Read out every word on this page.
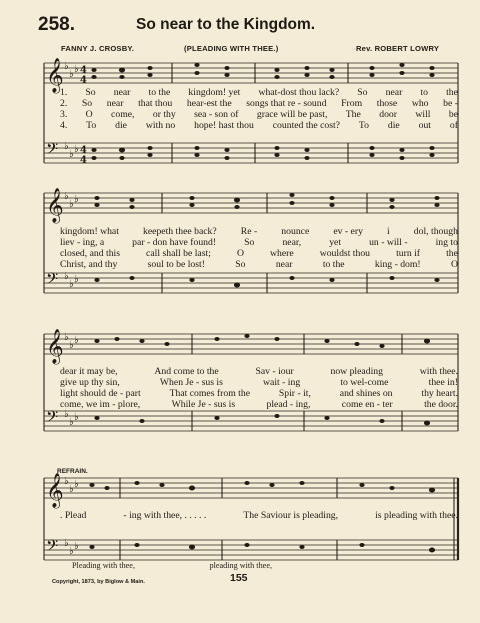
258.	So near to the Kingdom.
FANNY J. CROSBY.	(PLEADING WITH THEE.)	Rev. ROBERT LOWRY
𝄞
𝄢
♭
♭ ♭
♭
♭ ♭
4
4
4
4
1. So near to the kingdom! yet what-dost thou lack? So near to the
2. So near that thou hear-est the songs that re - sound From those who be -
3. O come, or thy sea - son of grace will be past, The door will be
4. To die with no hope! hast thou counted the cost? To die out of
𝄞
𝄢
♭
♭ ♭
♭
♭ ♭
kingdom! what keepeth thee back? Re - nounce ev - ery i dol, though
liev - ing, a	par - don have found!	So	near,	yet	un - will -	ing to
closed, and this	call shall be last;	O	where	wouldst thou	turn if	the
Christ, and thy	soul to be lost!	So	near	to the	king - dom!	O
𝄞
𝄢
♭
♭ ♭
♭
♭ ♭
dear it may be,	And come to the	Sav - iour	now pleading	with thee.
give up thy sin,	When Je - sus is	wait - ing	to wel-come	thee in!
light should de - part	That comes from the	Spir - it,	and shines on	thy heart.
come, we im - plore,	While Je - sus is	plead - ing,	come en - ter	the door.
REFRAIN.
𝄞
𝄢
♭
♭ ♭
♭
♭ ♭
. Plead	- ing with thee, . . . . .	The Saviour is pleading,	is pleading with thee.
Pleading with thee,	pleading with thee,
Copyright, 1873, by Biglow & Main.	155
